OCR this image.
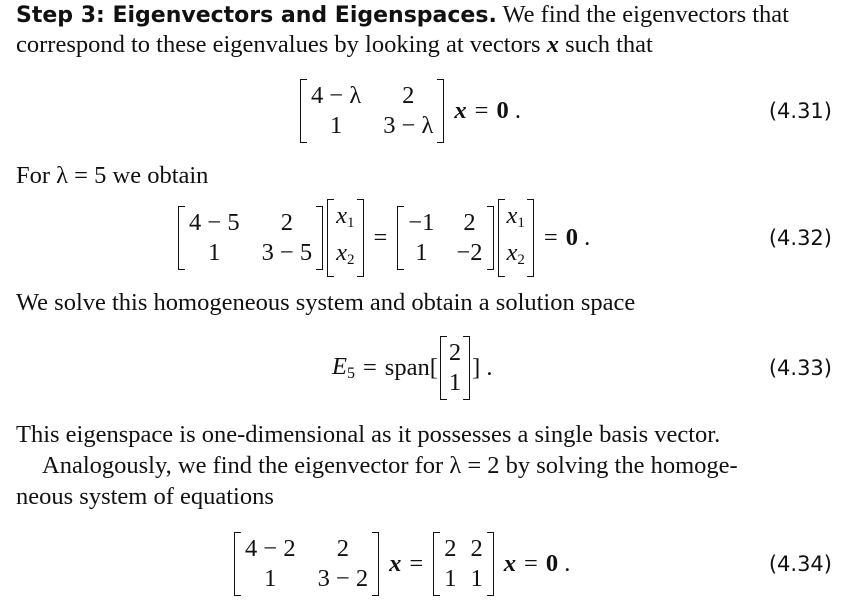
Step 3: Eigenvectors and Eigenspaces. We find the eigenvectors that
correspond to these eigenvalues by looking at vectors x such that
4 − λ 2
1 3 − λ
x = 0 .	(4.31)
For λ = 5 we obtain
4 − 5 2
1 3 − 5
$x_1$
$x_2$
=
−1 2
1 −2
$x_1$
$x_2$
= 0 .	(4.32)
We solve this homogeneous system and obtain a solution space
$E_5$ = span [
2
1
] .	(4.33)
This eigenspace is one-dimensional as it possesses a single basis vector.
Analogously, we find the eigenvector for λ = 2 by solving the homoge-
neous system of equations
4 − 2 2
1 3 − 2
x =
2 2
1 1
x = 0 .	(4.34)
